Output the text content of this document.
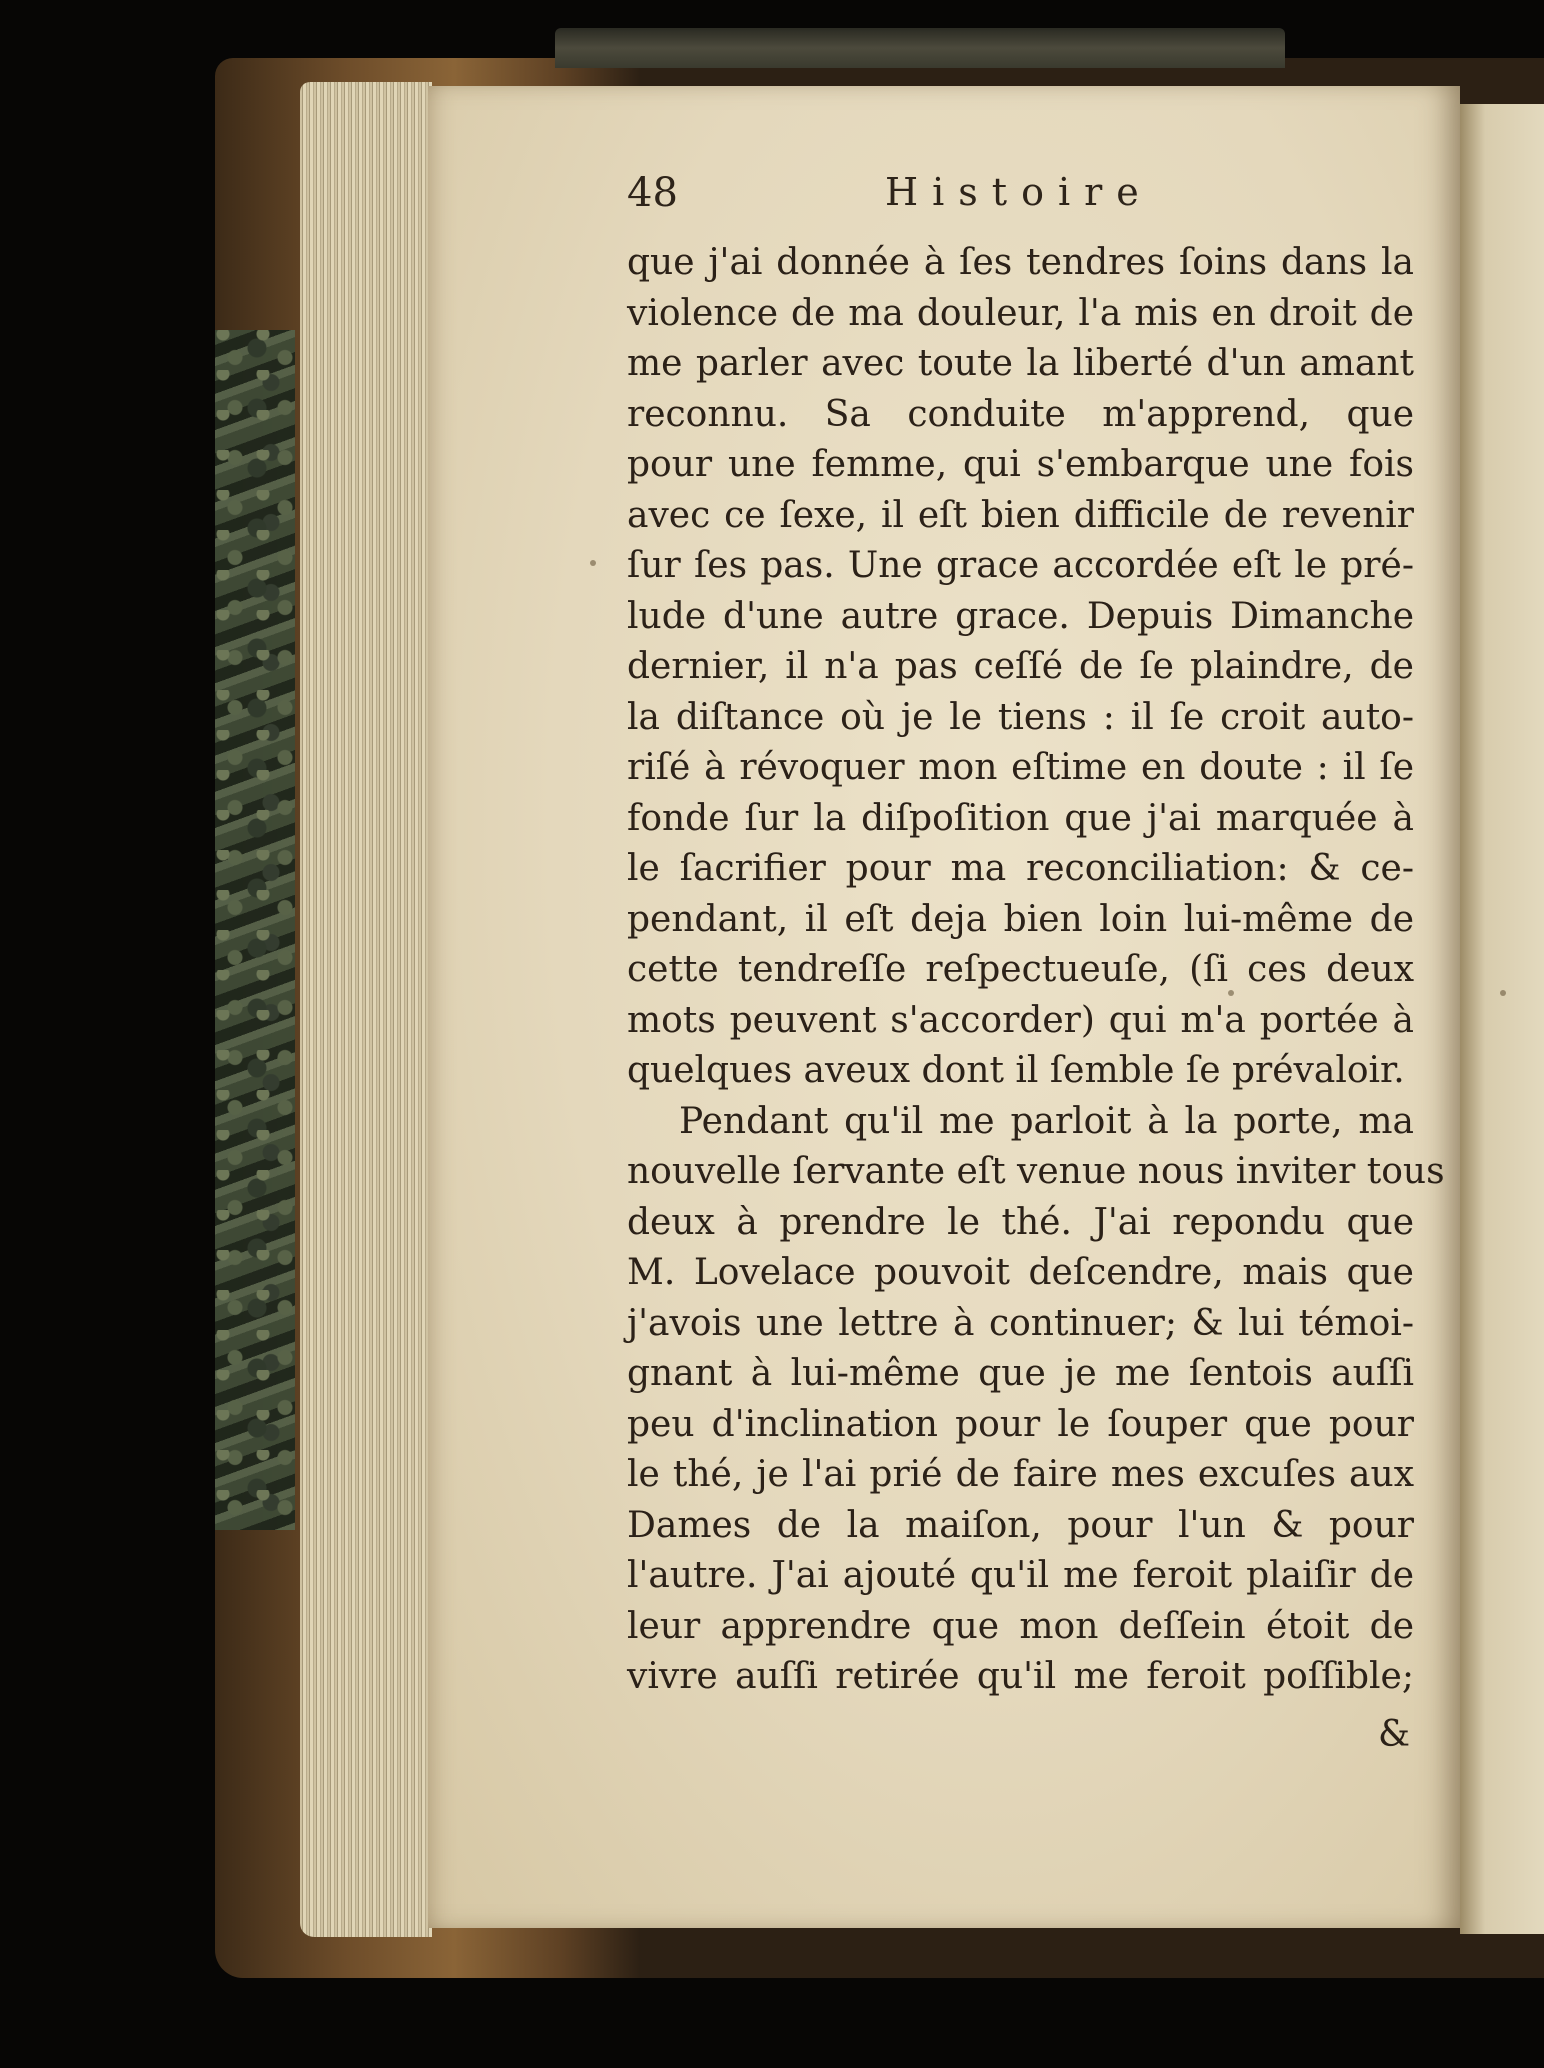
48	Histoire
que j'ai donnée à ſes tendres ſoins dans la
violence de ma douleur, l'a mis en droit de
me parler avec toute la liberté d'un amant
reconnu. Sa conduite m'apprend, que
pour une femme, qui s'embarque une fois
avec ce ſexe, il eſt bien difficile de revenir
ſur ſes pas. Une grace accordée eſt le pré-
lude d'une autre grace. Depuis Dimanche
dernier, il n'a pas ceſſé de ſe plaindre, de
la diſtance où je le tiens : il ſe croit auto-
riſé à révoquer mon eſtime en doute : il ſe
fonde ſur la diſpoſition que j'ai marquée à
le ſacrifier pour ma reconciliation: & ce-
pendant, il eſt deja bien loin lui-même de
cette tendreſſe reſpectueuſe, (ſi ces deux
mots peuvent s'accorder) qui m'a portée à
quelques aveux dont il ſemble ſe prévaloir.
Pendant qu'il me parloit à la porte, ma
nouvelle ſervante eſt venue nous inviter tous
deux à prendre le thé. J'ai repondu que
M. Lovelace pouvoit deſcendre, mais que
j'avois une lettre à continuer; & lui témoi-
gnant à lui-même que je me ſentois auſſi
peu d'inclination pour le ſouper que pour
le thé, je l'ai prié de faire mes excuſes aux
Dames de la maiſon, pour l'un & pour
l'autre. J'ai ajouté qu'il me feroit plaiſir de
leur apprendre que mon deſſein étoit de
vivre auſſi retirée qu'il me feroit poſſible;
&
